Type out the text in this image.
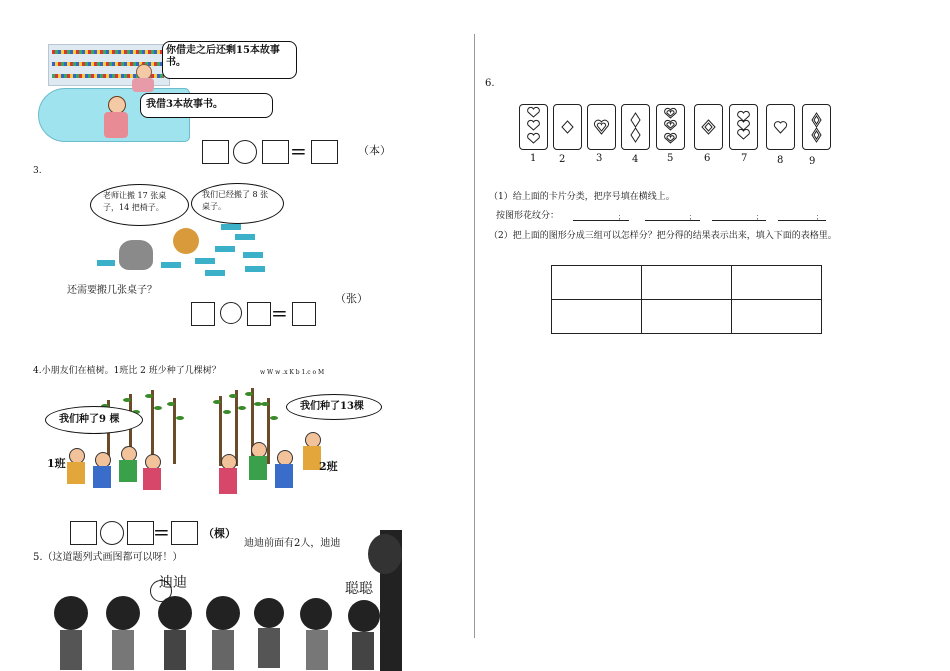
你借走之后还剩15本故事书。
我借3本故事书。
=	（本）
3.
老师让搬 17 张桌子，14 把椅子。
我们已经搬了 8 张桌子。
还需要搬几张桌子？
（张）
=
4.小朋友们在植树。1班比 2 班少种了几棵树？	w W w .x K b 1.c o M
我们种了9 棵
1班
我们种了13棵
2班
=	（棵）
迪迪前面有2人，迪迪
5.（这道题列式画图都可以呀！）
迪迪	聪聪
6.
1 2	3	4	5	6	7	8	9
（1）给上面的卡片分类，把序号填在横线上。
按图形花纹分：	；	；	；	；
（2）把上面的图形分成三组可以怎样分？把分得的结果表示出来，填入下面的表格里。
